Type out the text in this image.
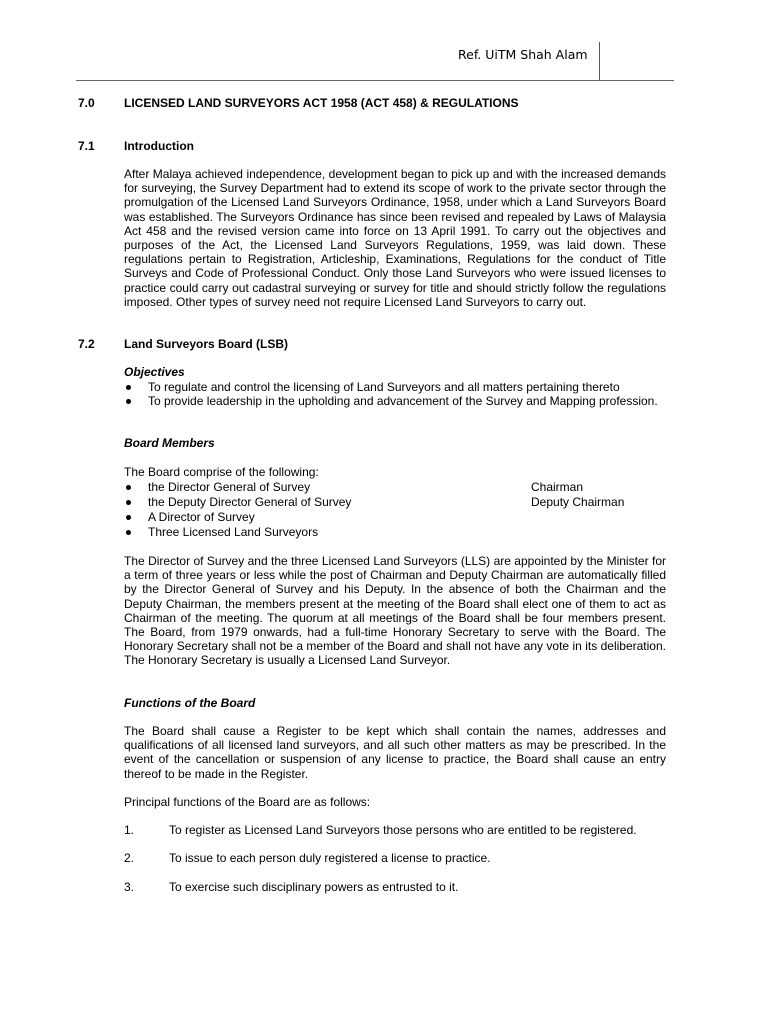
Ref. UiTM Shah Alam
7.0 LICENSED LAND SURVEYORS ACT 1958 (ACT 458) & REGULATIONS
7.1 Introduction
After Malaya achieved independence, development began to pick up and with the increased demands for surveying, the Survey Department had to extend its scope of work to the private sector through the promulgation of the Licensed Land Surveyors Ordinance, 1958, under which a Land Surveyors Board was established. The Surveyors Ordinance has since been revised and repealed by Laws of Malaysia Act 458 and the revised version came into force on 13 April 1991. To carry out the objectives and purposes of the Act, the Licensed Land Surveyors Regulations, 1959, was laid down. These regulations pertain to Registration, Articleship, Examinations, Regulations for the conduct of Title Surveys and Code of Professional Conduct. Only those Land Surveyors who were issued licenses to practice could carry out cadastral surveying or survey for title and should strictly follow the regulations imposed. Other types of survey need not require Licensed Land Surveyors to carry out.
7.2 Land Surveyors Board (LSB)
Objectives
To regulate and control the licensing of Land Surveyors and all matters pertaining thereto
To provide leadership in the upholding and advancement of the Survey and Mapping profession.
Board Members
The Board comprise of the following:
the Director General of Survey	Chairman
the Deputy Director General of Survey	Deputy Chairman
A Director of Survey
Three Licensed Land Surveyors
The Director of Survey and the three Licensed Land Surveyors (LLS) are appointed by the Minister for a term of three years or less while the post of Chairman and Deputy Chairman are automatically filled by the Director General of Survey and his Deputy. In the absence of both the Chairman and the Deputy Chairman, the members present at the meeting of the Board shall elect one of them to act as Chairman of the meeting. The quorum at all meetings of the Board shall be four members present. The Board, from 1979 onwards, had a full-time Honorary Secretary to serve with the Board. The Honorary Secretary shall not be a member of the Board and shall not have any vote in its deliberation. The Honorary Secretary is usually a Licensed Land Surveyor.
Functions of the Board
The Board shall cause a Register to be kept which shall contain the names, addresses and qualifications of all licensed land surveyors, and all such other matters as may be prescribed. In the event of the cancellation or suspension of any license to practice, the Board shall cause an entry thereof to be made in the Register.
Principal functions of the Board are as follows:
1.	To register as Licensed Land Surveyors those persons who are entitled to be registered.
2.	To issue to each person duly registered a license to practice.
3.	To exercise such disciplinary powers as entrusted to it.
